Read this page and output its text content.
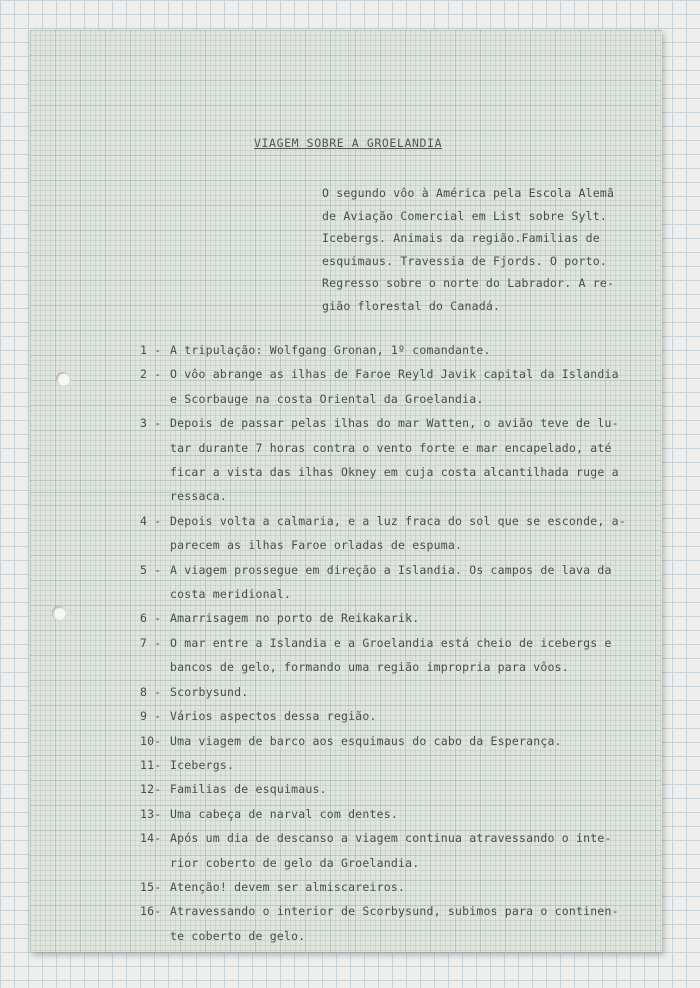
VIAGEM SOBRE A GROELANDIA
O segundo vôo à América pela Escola Alemã
de Aviação Comercial em List sobre Sylt.
Icebergs. Animais da região.Familias de
esquimaus. Travessia de Fjords. O porto.
Regresso sobre o norte do Labrador. A re-
gião florestal do Canadá.
1 - A tripulação: Wolfgang Gronan, 1º comandante.
2 - O vôo abrange as ilhas de Faroe Reyld Javik capital da Islandia
e Scorbauge na costa Oriental da Groelandia.
3 - Depois de passar pelas ilhas do mar Watten, o avião teve de lu-
tar durante 7 horas contra o vento forte e mar encapelado, até
ficar a vista das ilhas Okney em cuja costa alcantilhada ruge a
ressaca.
4 - Depois volta a calmaria, e a luz fraca do sol que se esconde, a-
parecem as ilhas Faroe orladas de espuma.
5 - A viagem prossegue em direção a Islandia. Os campos de lava da
costa meridional.
6 - Amarrisagem no porto de Reikakarik.
7 - O mar entre a Islandia e a Groelandia está cheio de icebergs e
bancos de gelo, formando uma região impropria para vôos.
8 - Scorbysund.
9 - Vários aspectos dessa região.
10- Uma viagem de barco aos esquimaus do cabo da Esperança.
11- Icebergs.
12- Familias de esquimaus.
13- Uma cabeça de narval com dentes.
14- Após um dia de descanso a viagem continua atravessando o inte-
rior coberto de gelo da Groelandia.
15- Atenção! devem ser almiscareiros.
16- Atravessando o interior de Scorbysund, subimos para o continen-
te coberto de gelo.
